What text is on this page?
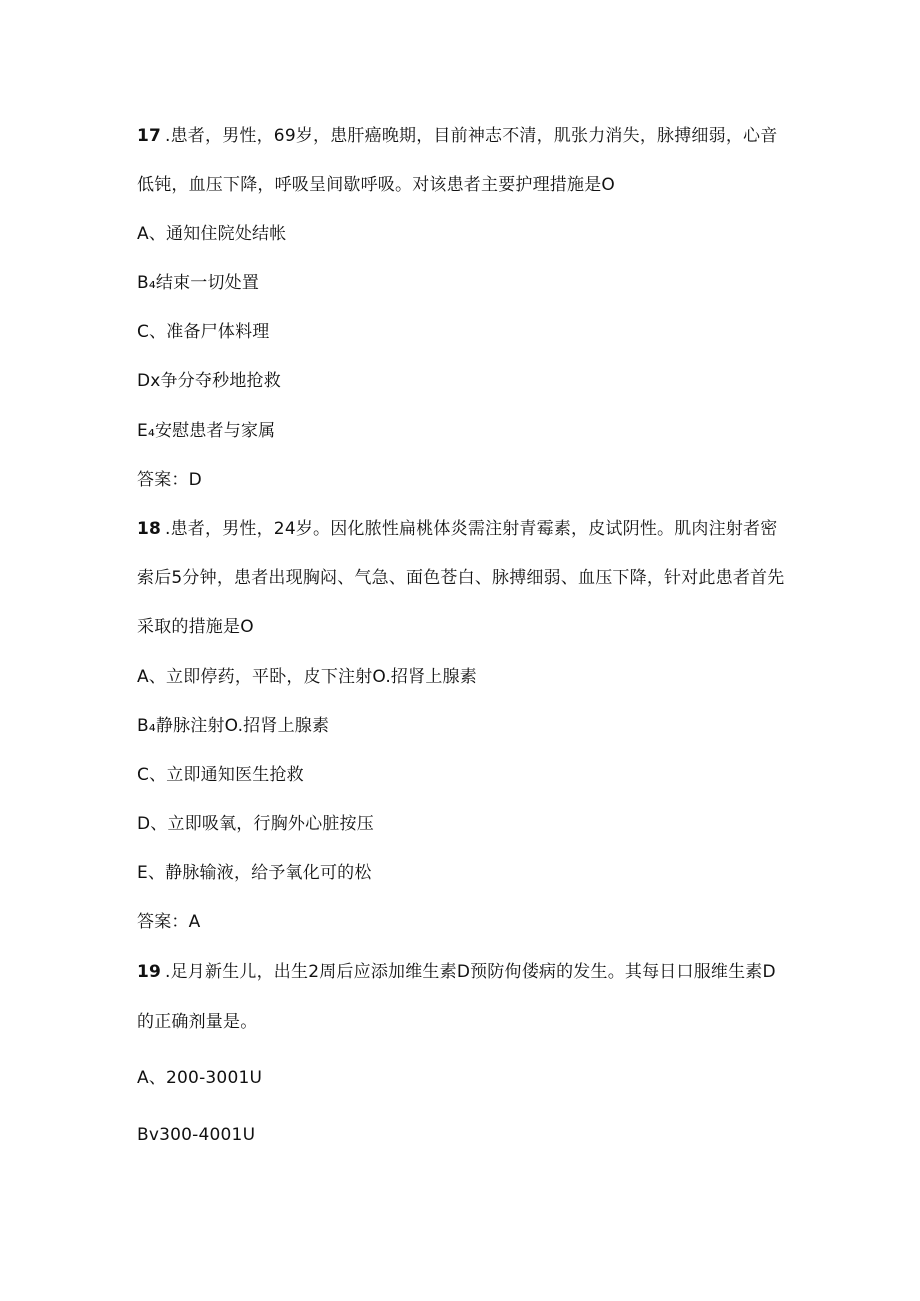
17 .患者，男性，69岁，患肝癌晚期，目前神志不清，肌张力消失，脉搏细弱，心音
低钝，血压下降，呼吸呈间歇呼吸。对该患者主要护理措施是O
A、通知住院处结帐
B₄结束一切处置
C、准备尸体料理
Dx争分夺秒地抢救
E₄安慰患者与家属
答案：D
18 .患者，男性，24岁。因化脓性扁桃体炎需注射青霉素，皮试阴性。肌肉注射者密
索后5分钟，患者出现胸闷、气急、面色苍白、脉搏细弱、血压下降，针对此患者首先
采取的措施是O
A、立即停药，平卧，皮下注射O.招肾上腺素
B₄静脉注射O.招肾上腺素
C、立即通知医生抢救
D、立即吸氧，行胸外心脏按压
E、静脉输液，给予氧化可的松
答案：A
19 .足月新生儿，出生2周后应添加维生素D预防佝偻病的发生。其每日口服维生素D
的正确剂量是。
A、200-3001U
Bv300-4001U
